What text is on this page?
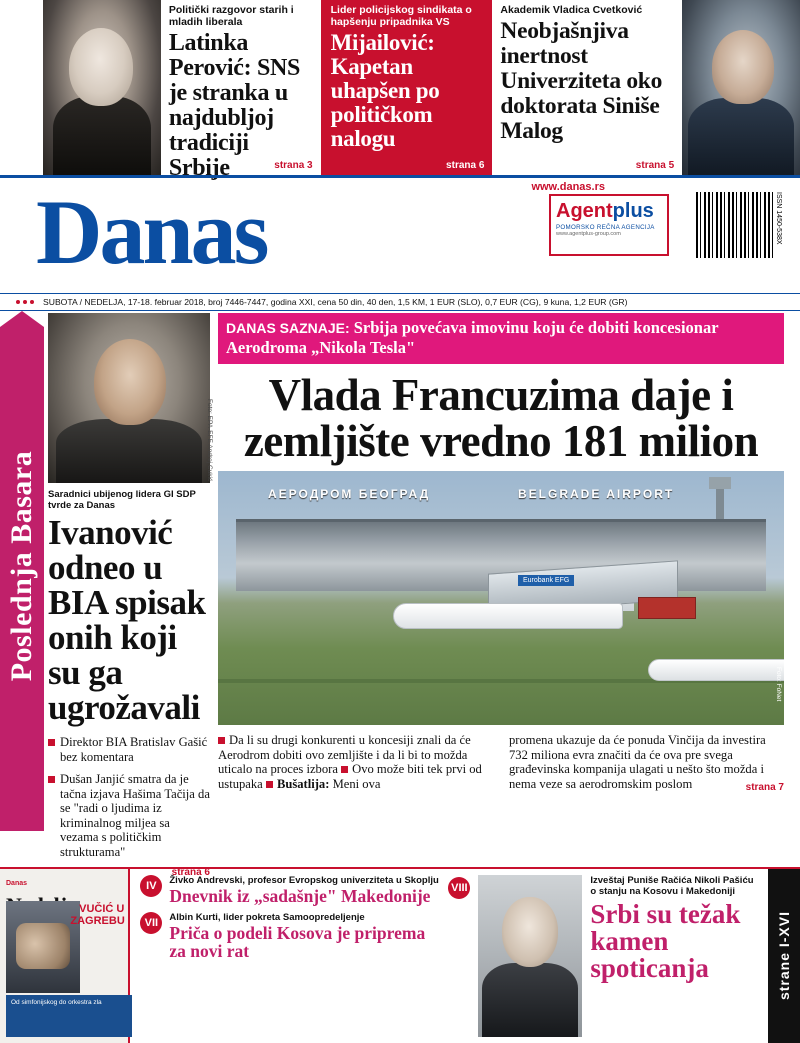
Politički razgovor starih i mladih liberala
Latinka Perović: SNS je stranka u najdubljoj tradiciji Srbije	strana 3
Lider policijskog sindikata o hapšenju pripadnika VS
Mijailović: Kapetan uhapšen po političkom nalogu
strana 6
Akademik Vladica Cvetković
Neobjašnjiva inertnost Univerziteta oko doktorata Siniše Malog
strana 5
www.danas.rs
Danas	Agentplus
POMORSKO REČNA AGENCIJA
www.agentplus-group.com	ISSN 1450-538X
SUBOTA / NEDELJA, 17-18. februar 2018, broj 7446-7447, godina XXI, cena 50 din, 40 den, 1,5 KM, 1 EUR (SLO), 0,7 EUR (CG), 9 kuna, 1,2 EUR (GR)
Poslednja Basara Saradnici ubijenog lidera GI SDP tvrde za Danas
Ivanović odneo u BIA spisak onih koji su ga ugrožavali

Direktor BIA Bratislav Gašić bez komentara

Dušan Janjić smatra da je tačna izjava Hašima Tačija da se "radi o ljudima iz kriminalnog miljea sa vezama s političkim strukturama"

strana 6
DANAS SAZNAJE: Srbija povećava imovinu koju će dobiti koncesionar Aerodroma „Nikola Tesla"
Vlada Francuzima daje i zemljište vredno 181 milion
Foto: EPA-EFE Andrej Cukić
АЕРОДРОМ БЕОГРАД	BELGRADE AIRPORT
Eurobank EFG
Foto: FoNet
Da li su drugi konkurenti u koncesiji znali da će Aerodrom dobiti ovo zemljište i da li bi to možda uticalo na proces izbora Ovo može biti tek prvi od ustupaka Bušatlija: Meni ova
promena ukazuje da će ponuda Vinčija da investira 732 miliona evra značiti da će ova pre svega građevinska kompanija ulagati u nešto što možda i nema veze sa aerodromskim poslom	strana 7
Danas
VUČIĆ U ZAGREBU
Od simfonijskog do orkestra zla
IV	Živko Andrevski, profesor Evropskog univerziteta u Skoplju
Dnevnik iz „sadašnje" Makedonije
VII	Albin Kurti, lider pokreta Samoopredeljenje
Priča o podeli Kosova je priprema za novi rat
VIII
Izveštaj Puniše Račića Nikoli Pašiću o stanju na Kosovu i Makedoniji
Srbi su težak kamen spoticanja	strane I-XVI
